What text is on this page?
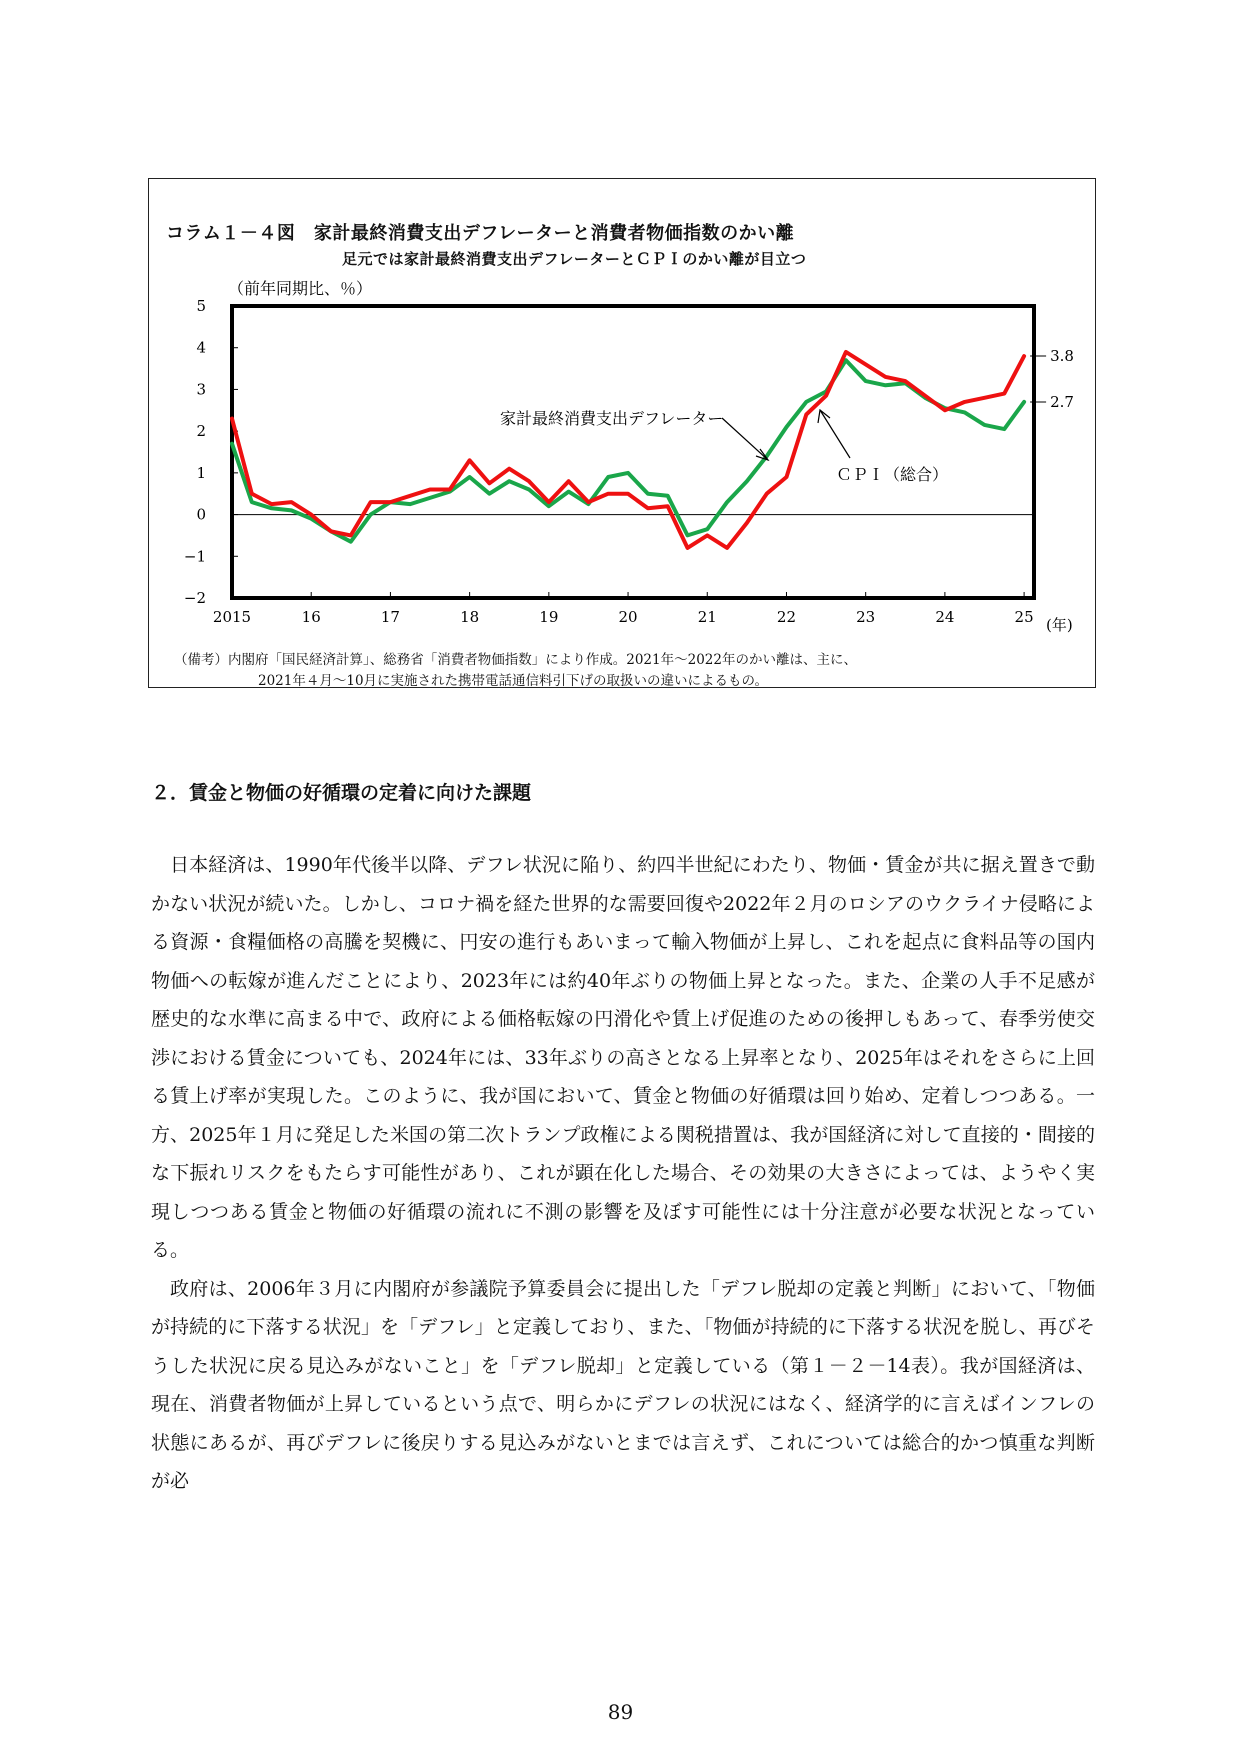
コラム１－４図　家計最終消費支出デフレーターと消費者物価指数のかい離
足元では家計最終消費支出デフレーターとＣＰＩのかい離が目立つ
（前年同期比、％）
(年)
5
4
3
2
1
0
−1
−2
2015	16	17	18	19	20	21	22	23	24	25
2.7
3.8
家計最終消費支出デフレーター
ＣＰＩ（総合）
（備考）内閣府「国民経済計算」、総務省「消費者物価指数」により作成。2021年～2022年のかい離は、主に、
2021年４月～10月に実施された携帯電話通信料引下げの取扱いの違いによるもの。
２．賃金と物価の好循環の定着に向けた課題

日本経済は、1990年代後半以降、デフレ状況に陥り、約四半世紀にわたり、物価・賃金が共に据え置きで動かない状況が続いた。しかし、コロナ禍を経た世界的な需要回復や2022年２月のロシアのウクライナ侵略による資源・食糧価格の高騰を契機に、円安の進行もあいまって輸入物価が上昇し、これを起点に食料品等の国内物価への転嫁が進んだことにより、2023年には約40年ぶりの物価上昇となった。また、企業の人手不足感が歴史的な水準に高まる中で、政府による価格転嫁の円滑化や賃上げ促進のための後押しもあって、春季労使交渉における賃金についても、2024年には、33年ぶりの高さとなる上昇率となり、2025年はそれをさらに上回る賃上げ率が実現した。このように、我が国において、賃金と物価の好循環は回り始め、定着しつつある。一方、2025年１月に発足した米国の第二次トランプ政権による関税措置は、我が国経済に対して直接的・間接的な下振れリスクをもたらす可能性があり、これが顕在化した場合、その効果の大きさによっては、ようやく実現しつつある賃金と物価の好循環の流れに不測の影響を及ぼす可能性には十分注意が必要な状況となっている。

政府は、2006年３月に内閣府が参議院予算委員会に提出した「デフレ脱却の定義と判断」において、「物価が持続的に下落する状況」を「デフレ」と定義しており、また、「物価が持続的に下落する状況を脱し、再びそうした状況に戻る見込みがないこと」を「デフレ脱却」と定義している（第１－２－14表）。我が国経済は、現在、消費者物価が上昇しているという点で、明らかにデフレの状況にはなく、経済学的に言えばインフレの状態にあるが、再びデフレに後戻りする見込みがないとまでは言えず、これについては総合的かつ慎重な判断が必

89
